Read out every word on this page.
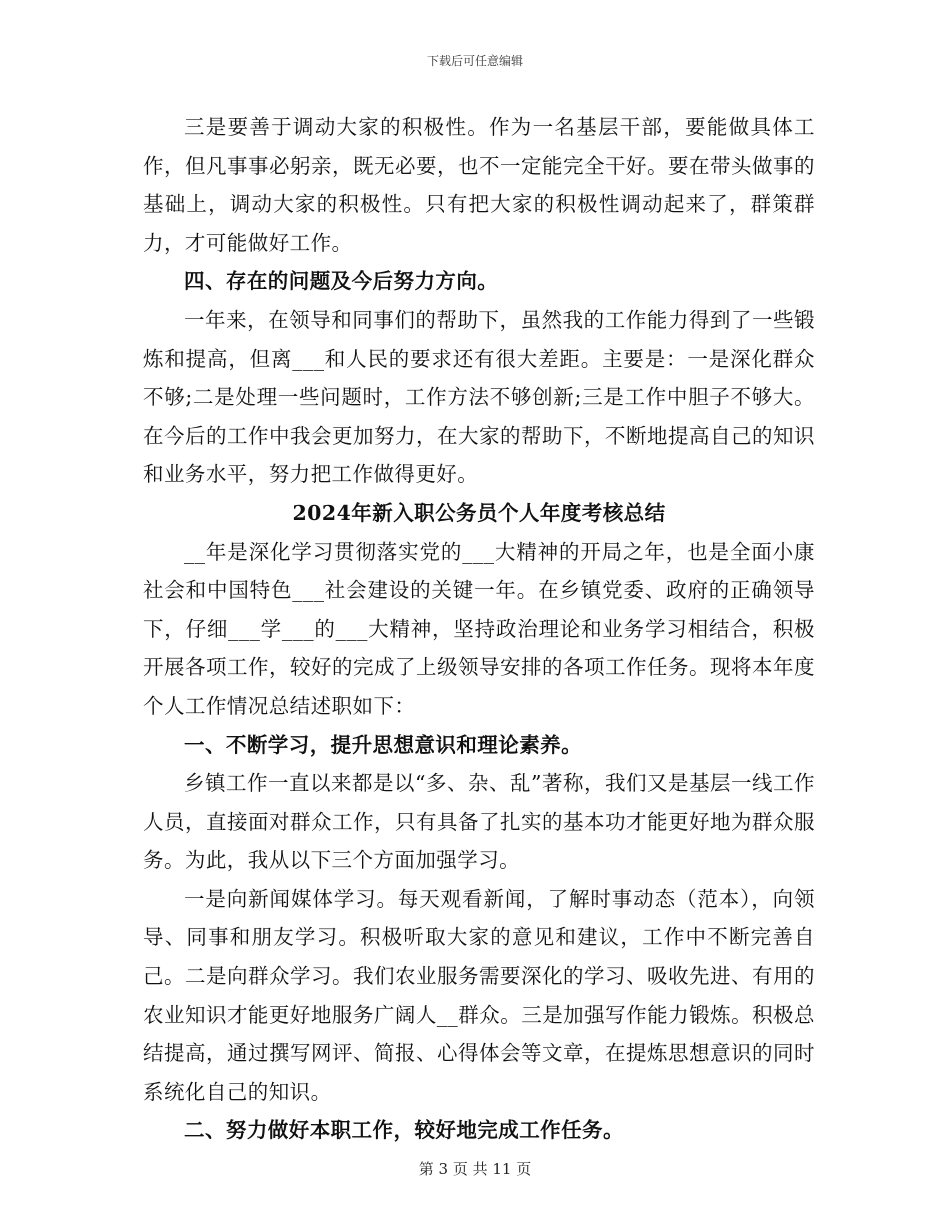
下载后可任意编辑

三是要善于调动大家的积极性。作为一名基层干部，要能做具体工作，但凡事事必躬亲，既无必要，也不一定能完全干好。要在带头做事的基础上，调动大家的积极性。只有把大家的积极性调动起来了，群策群力，才可能做好工作。

四、存在的问题及今后努力方向。

一年来，在领导和同事们的帮助下，虽然我的工作能力得到了一些锻炼和提高，但离___和人民的要求还有很大差距。主要是：一是深化群众不够;二是处理一些问题时，工作方法不够创新;三是工作中胆子不够大。在今后的工作中我会更加努力，在大家的帮助下，不断地提高自己的知识和业务水平，努力把工作做得更好。

2024年新入职公务员个人年度考核总结

__年是深化学习贯彻落实党的___大精神的开局之年，也是全面小康社会和中国特色___社会建设的关键一年。在乡镇党委、政府的正确领导下，仔细___学___的___大精神，坚持政治理论和业务学习相结合，积极开展各项工作，较好的完成了上级领导安排的各项工作任务。现将本年度个人工作情况总结述职如下：

一、不断学习，提升思想意识和理论素养。

乡镇工作一直以来都是以“多、杂、乱”著称，我们又是基层一线工作人员，直接面对群众工作，只有具备了扎实的基本功才能更好地为群众服务。为此，我从以下三个方面加强学习。

一是向新闻媒体学习。每天观看新闻，了解时事动态（范本），向领导、同事和朋友学习。积极听取大家的意见和建议，工作中不断完善自己。二是向群众学习。我们农业服务需要深化的学习、吸收先进、有用的农业知识才能更好地服务广阔人__群众。三是加强写作能力锻炼。积极总结提高，通过撰写网评、简报、心得体会等文章，在提炼思想意识的同时系统化自己的知识。

二、努力做好本职工作，较好地完成工作任务。

第 3 页 共 11 页
